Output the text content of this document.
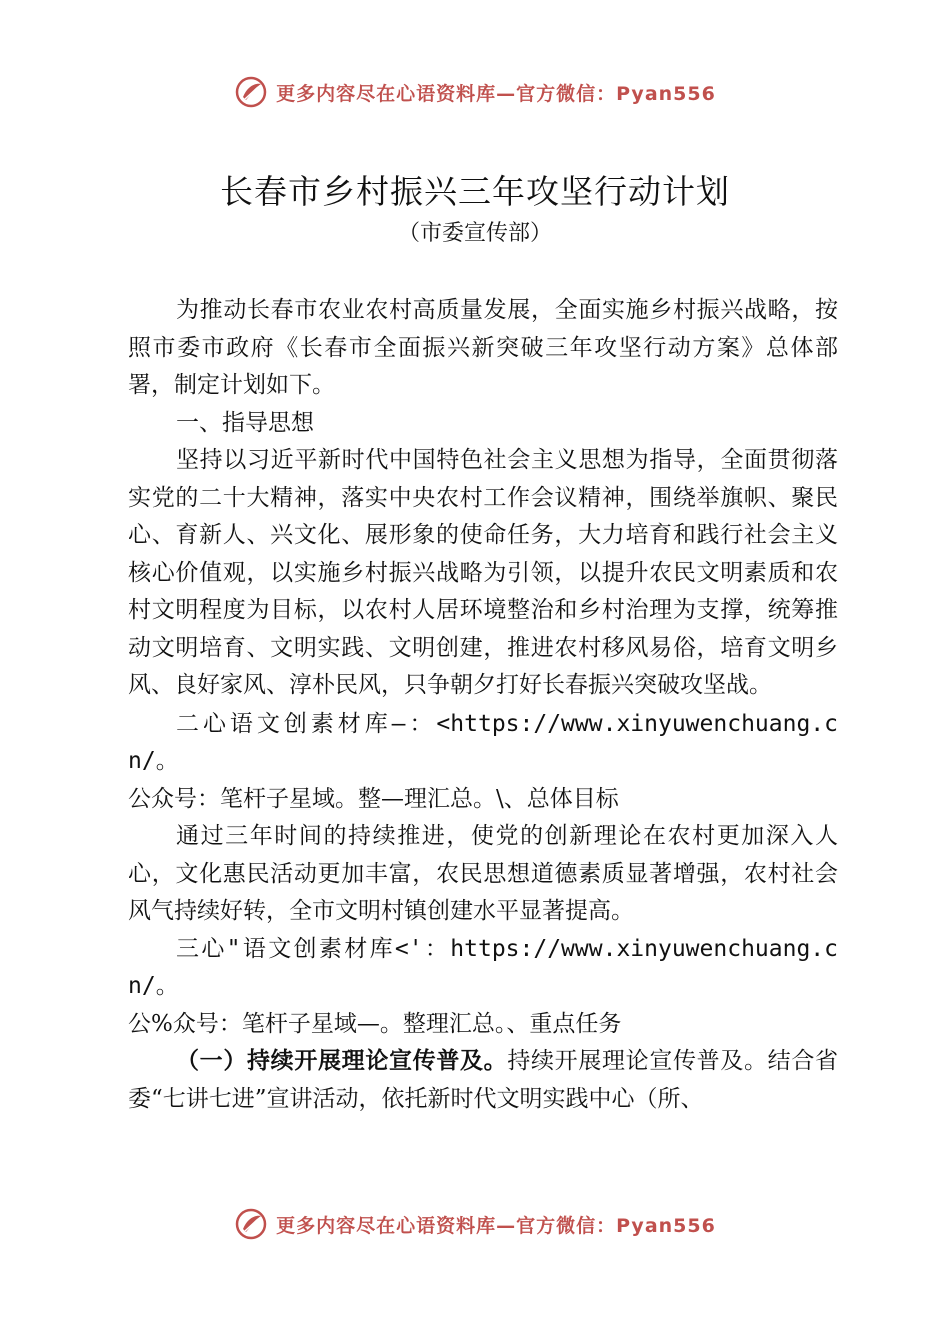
更多内容尽在心语资料库—官方微信：Pyan556
长春市乡村振兴三年攻坚行动计划
（市委宣传部）

为推动长春市农业农村高质量发展，全面实施乡村振兴战略，按照市委市政府《长春市全面振兴新突破三年攻坚行动方案》总体部署，制定计划如下。

一、指导思想

坚持以习近平新时代中国特色社会主义思想为指导，全面贯彻落实党的二十大精神，落实中央农村工作会议精神，围绕举旗帜、聚民心、育新人、兴文化、展形象的使命任务，大力培育和践行社会主义核心价值观，以实施乡村振兴战略为引领，以提升农民文明素质和农村文明程度为目标，以农村人居环境整治和乡村治理为支撑，统筹推动文明培育、文明实践、文明创建，推进农村移风易俗，培育文明乡风、良好家风、淳朴民风，只争朝夕打好长春振兴突破攻坚战。

二心语文创素材库—：<https://www.xinyuwenchuang.cn/。
公众号：笔杆子星域。整—理汇总。\、总体目标

通过三年时间的持续推进，使党的创新理论在农村更加深入人心，文化惠民活动更加丰富，农民思想道德素质显著增强，农村社会风气持续好转，全市文明村镇创建水平显著提高。

三心"语文创素材库<'：https://www.xinyuwenchuang.cn/。
公%众号：笔杆子星域—。整理汇总。、重点任务

（一）持续开展理论宣传普及。持续开展理论宣传普及。结合省委“七讲七进”宣讲活动，依托新时代文明实践中心（所、

更多内容尽在心语资料库—官方微信：Pyan556
